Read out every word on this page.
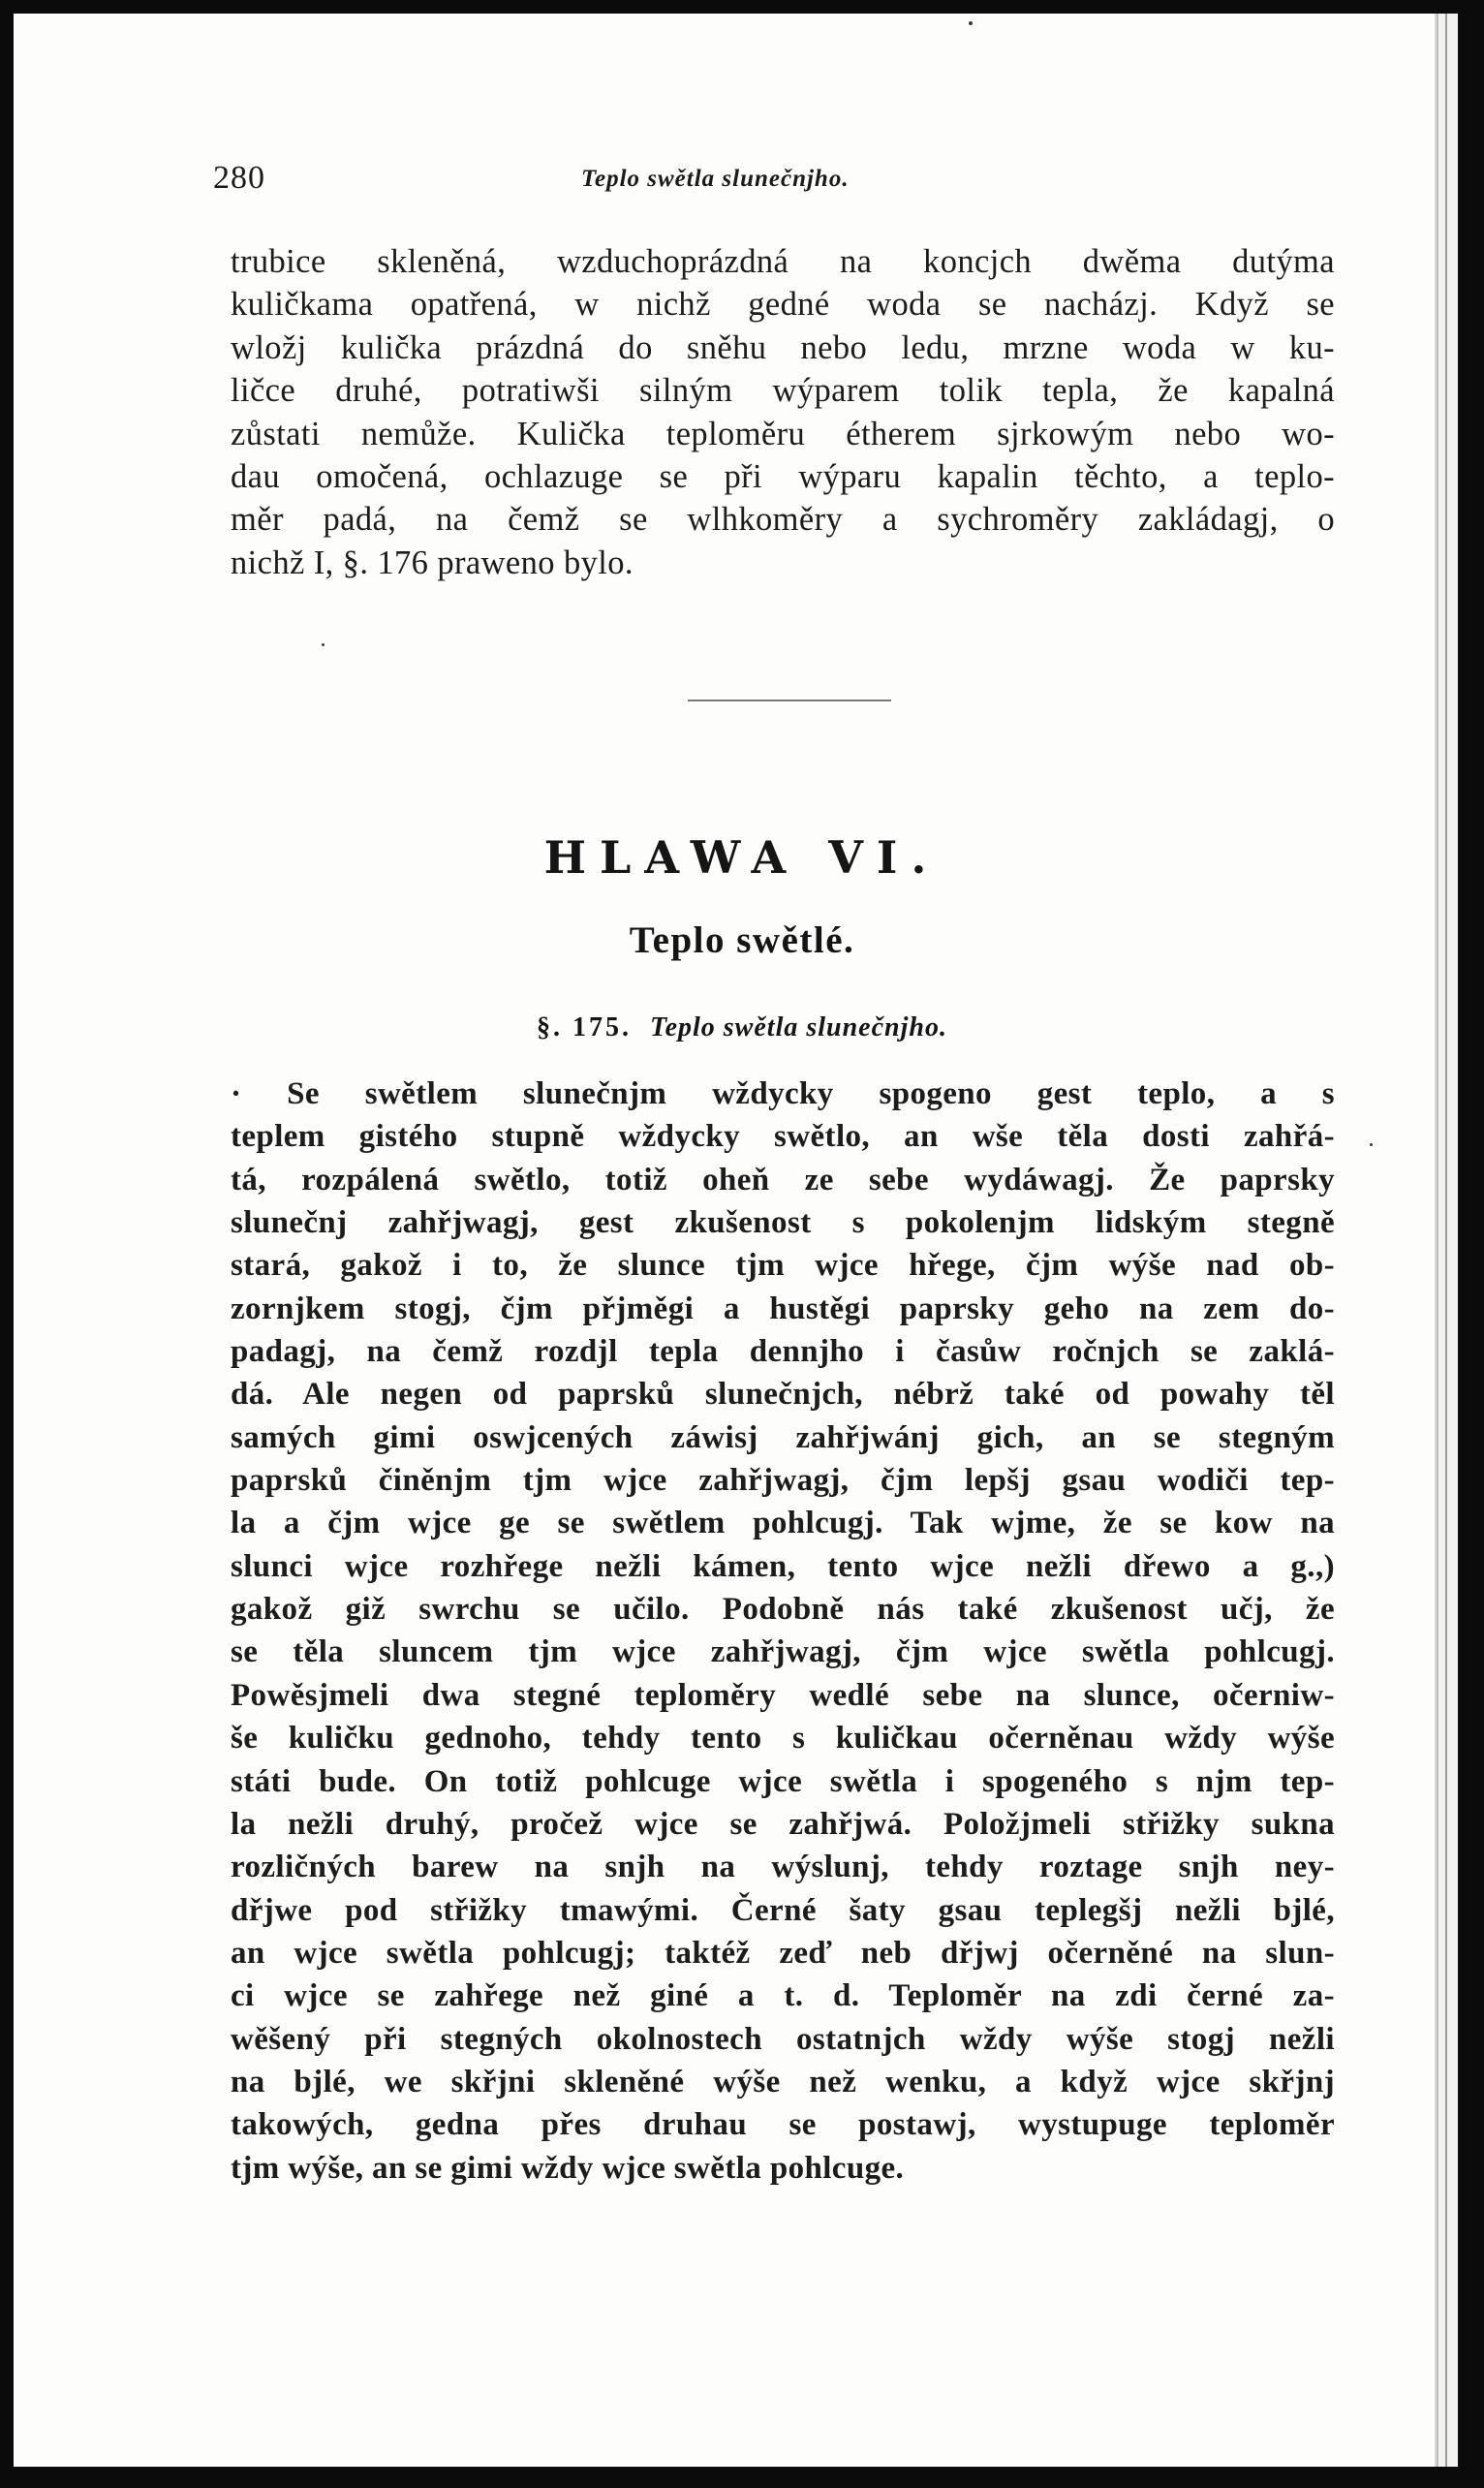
280	Teplo swětla slunečnjho.
trubice skleněná, wzduchoprázdná na koncjch dwěma dutýma
kuličkama opatřená, w nichž gedné woda se nacházj. Když se
wložj kulička prázdná do sněhu nebo ledu, mrzne woda w ku-
ličce druhé, potratiwši silným wýparem tolik tepla, že kapalná
zůstati nemůže. Kulička teploměru étherem sjrkowým nebo wo-
dau omočená, ochlazuge se při wýparu kapalin těchto, a teplo-
měr padá, na čemž se wlhkoměry a sychroměry zakládagj, o
nichž I, §. 176 praweno bylo.
HLAWA VI.
Teplo swětlé.
§. 175. Teplo swětla slunečnjho.
· Se swětlem slunečnjm wždycky spogeno gest teplo, a s
teplem gistého stupně wždycky swětlo, an wše těla dosti zahřá-
tá, rozpálená swětlo, totiž oheň ze sebe wydáwagj. Že paprsky
slunečnj zahřjwagj, gest zkušenost s pokolenjm lidským stegně
stará, gakož i to, že slunce tjm wjce hřege, čjm wýše nad ob-
zornjkem stogj, čjm přjměgi a hustěgi paprsky geho na zem do-
padagj, na čemž rozdjl tepla dennjho i časůw ročnjch se zaklá-
dá. Ale negen od paprsků slunečnjch, nébrž také od powahy těl
samých gimi oswjcených záwisj zahřjwánj gich, an se stegným
paprsků činěnjm tjm wjce zahřjwagj, čjm lepšj gsau wodiči tep-
la a čjm wjce ge se swětlem pohlcugj. Tak wjme, že se kow na
slunci wjce rozhřege nežli kámen, tento wjce nežli dřewo a g.,)
gakož giž swrchu se učilo. Podobně nás také zkušenost učj, že
se těla sluncem tjm wjce zahřjwagj, čjm wjce swětla pohlcugj.
Powěsjmeli dwa stegné teploměry wedlé sebe na slunce, očerniw-
še kuličku gednoho, tehdy tento s kuličkau očerněnau wždy wýše
státi bude. On totiž pohlcuge wjce swětla i spogeného s njm tep-
la nežli druhý, pročež wjce se zahřjwá. Položjmeli střižky sukna
rozličných barew na snjh na wýslunj, tehdy roztage snjh ney-
dřjwe pod střižky tmawými. Černé šaty gsau teplegšj nežli bjlé,
an wjce swětla pohlcugj; taktéž zeď neb dřjwj očerněné na slun-
ci wjce se zahřege než giné a t. d. Teploměr na zdi černé za-
wěšený při stegných okolnostech ostatnjch wždy wýše stogj nežli
na bjlé, we skřjni skleněné wýše než wenku, a když wjce skřjnj
takowých, gedna přes druhau se postawj, wystupuge teploměr
tjm wýše, an se gimi wždy wjce swětla pohlcuge.
